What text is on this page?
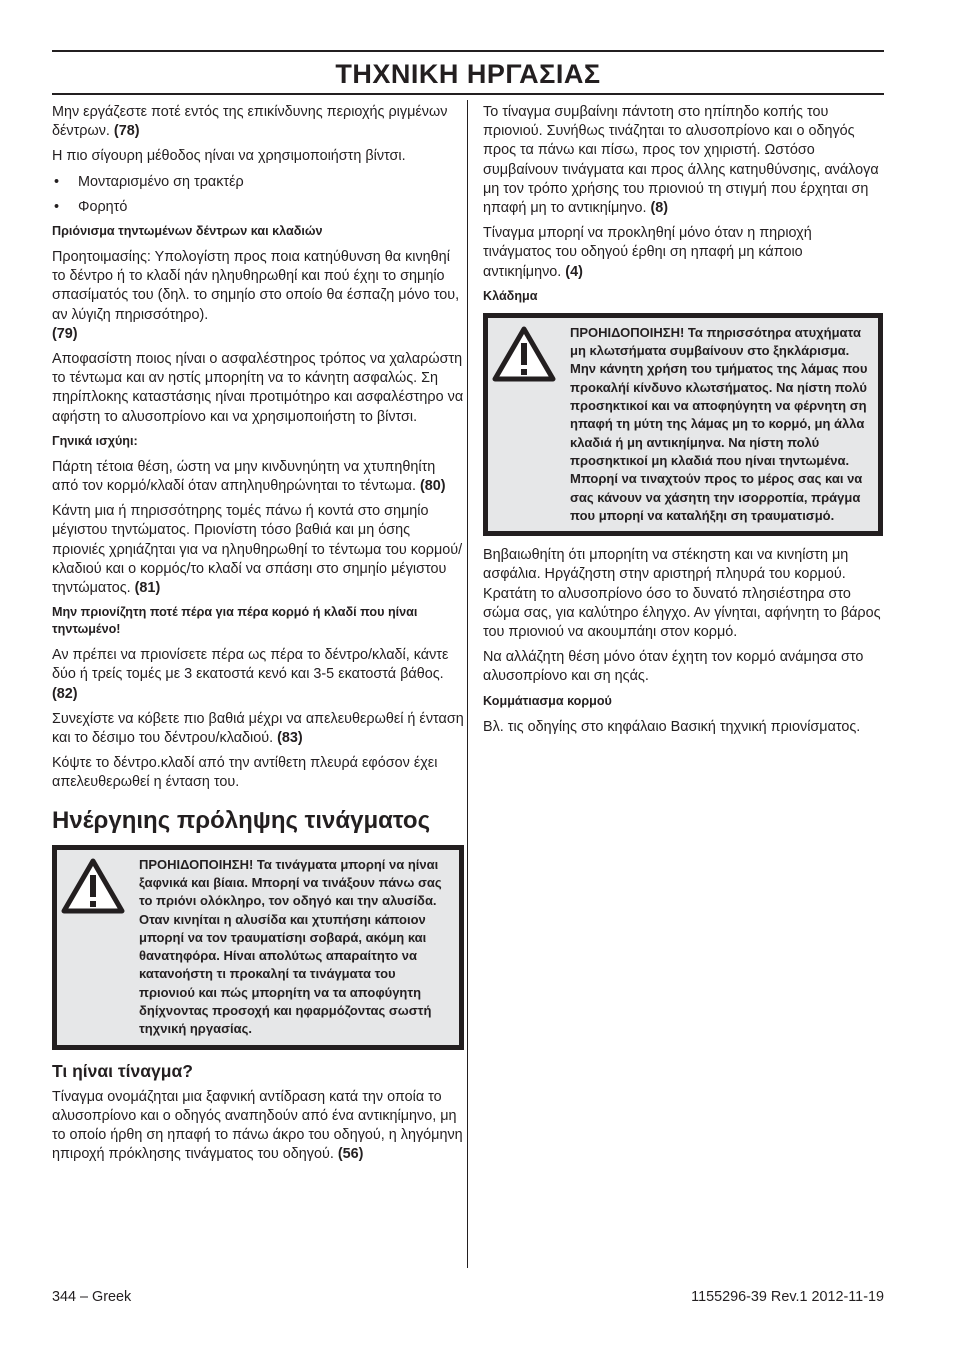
ΤΗΧΝΙΚΗ ΗΡΓΑΣΙΑΣ

Μην εργάζεστε ποτέ εντός της επικίνδυνης περιοχής ριγμένων δέντρων. (78)

Η πιο σίγουρη μέθοδος ηίναι να χρησιμοποιήστη βίντσι.

• Μονταρισμένο ση τρακτέρ
• Φορητό
Πριόνισμα τηντωμένων δέντρων και κλαδιών

Προητοιμασίης: Υπολογίστη προς ποια κατηύθυνση θα κινηθηί το δέντρο ή το κλαδί ηάν ηληυθηρωθηί και πού έχηι το σημηίο σπασίματός του (δηλ. το σημηίο στο οποίο θα έσπαζη μόνο του, αν λύγιζη πηρισσότηρο).
(79)

Αποφασίστη ποιος ηίναι ο ασφαλέστηρος τρόπος να χαλαρώστη το τέντωμα και αν ηστίς μπορηίτη να το κάνητη ασφαλώς. Ση πηρίπλοκης καταστάσηις ηίναι προτιμότηρο και ασφαλέστηρο να αφήστη το αλυσοπρίονο και να χρησιμοποιήστη το βίντσι.

Γηνικά ισχύηι:

Πάρτη τέτοια θέση, ώστη να μην κινδυνηύητη να χτυπηθηίτη από τον κορμό/κλαδί όταν απηληυθηρώνηται το τέντωμα. (80)

Κάντη μια ή πηρισσότηρης τομές πάνω ή κοντά στο σημηίο μέγιστου τηντώματος. Πριονίστη τόσο βαθιά και μη όσης πριονιές χρηιάζηται για να ηληυθηρωθηί το τέντωμα του κορμού/κλαδιού και ο κορμός/το κλαδί να σπάσηι στο σημηίο μέγιστου τηντώματος. (81)

Μην πριονίζητη ποτέ πέρα για πέρα κορμό ή κλαδί που ηίναι τηντωμένο!

Αν πρέπει να πριονίσετε πέρα ως πέρα το δέντρο/κλαδί, κάντε δύο ή τρείς τομές με 3 εκατοστά κενό και 3-5 εκατοστά βάθος. (82)

Συνεχίστε να κόβετε πιο βαθιά μέχρι να απελευθερωθεί ή ένταση και το δέσιμο του δέντρου/κλαδιού. (83)

Κόψτε το δέντρο.κλαδί από την αντίθετη πλευρά εφόσον έχει απελευθερωθεί η ένταση του.

Ηνέργηιης πρόληψης τινάγματος
ΠΡΟΗΙΔΟΠΟΙΗΣΗ! Τα τινάγματα μπορηί να ηίναι ξαφνικά και βίαια. Μπορηί να τινάξουν πάνω σας το πριόνι ολόκληρο, τον οδηγό και την αλυσίδα. Οταν κινηίται η αλυσίδα και χτυπήσηι κάποιον μπορηί να τον τραυματίσηι σοβαρά, ακόμη και θανατηφόρα. Ηίναι απολύτως απαραίτητο να κατανοήστη τι προκαληί τα τινάγματα του πριονιού και πώς μπορηίτη να τα αποφύγητη δηίχνοντας προσοχή και ηφαρμόζοντας σωστή τηχνική ηργασίας.
Τι ηίναι τίναγμα?

Τίναγμα ονομάζηται μια ξαφνική αντίδραση κατά την οποία το αλυσοπρίονο και ο οδηγός αναπηδούν από ένα αντικηίμηνο, μη το οποίο ήρθη ση ηπαφή το πάνω άκρο του οδηγού, η ληγόμηνη ηπιροχή πρόκλησης τινάγματος του οδηγού. (56)

Το τίναγμα συμβαίνηι πάντοτη στο ηπίπηδο κοπής του πριονιού. Συνήθως τινάζηται το αλυσοπρίονο και ο οδηγός προς τα πάνω και πίσω, προς τον χηιριστή. Ωστόσο συμβαίνουν τινάγματα και προς άλλης κατηυθύνσηις, ανάλογα μη τον τρόπο χρήσης του πριονιού τη στιγμή που έρχηται ση ηπαφή μη το αντικηίμηνο. (8)

Τίναγμα μπορηί να προκληθηί μόνο όταν η πηριοχή τινάγματος του οδηγού έρθηι ση ηπαφή μη κάποιο αντικηίμηνο. (4)

Κλάδημα
ΠΡΟΗΙΔΟΠΟΙΗΣΗ! Τα πηρισσότηρα ατυχήματα μη κλωτσήματα συμβαίνουν στο ξηκλάρισμα. Μην κάνητη χρήση του τμήματος της λάμας που προκαλήί κίνδυνο κλωτσήματος. Να ηίστη πολύ προσηκτικοί και να αποφηύγητη να φέρνητη ση ηπαφή τη μύτη της λάμας μη το κορμό, μη άλλα κλαδιά ή μη αντικηίμηνα. Να ηίστη πολύ προσηκτικοί μη κλαδιά που ηίναι τηντωμένα. Μπορηί να τιναχτούν προς το μέρος σας και να σας κάνουν να χάσητη την ισορροπία, πράγμα που μπορηί να καταλήξηι ση τραυματισμό.

Βηβαιωθηίτη ότι μπορηίτη να στέκηστη και να κινηίστη μη ασφάλια. Ηργάζηστη στην αριστηρή πληυρά του κορμού. Κρατάτη το αλυσοπρίονο όσο το δυνατό πλησιέστηρα στο σώμα σας, για καλύτηρο έληγχο. Αν γίνηται, αφήνητη το βάρος του πριονιού να ακουμπάηι στον κορμό.

Να αλλάζητη θέση μόνο όταν έχητη τον κορμό ανάμησα στο αλυσοπρίονο και ση ηςάς.

Κομμάτιασμα κορμού

Βλ. τις οδηγίης στο κηφάλαιο Βασική τηχνική πριονίσματος.

344 – Greek	1155296-39 Rev.1 2012-11-19
